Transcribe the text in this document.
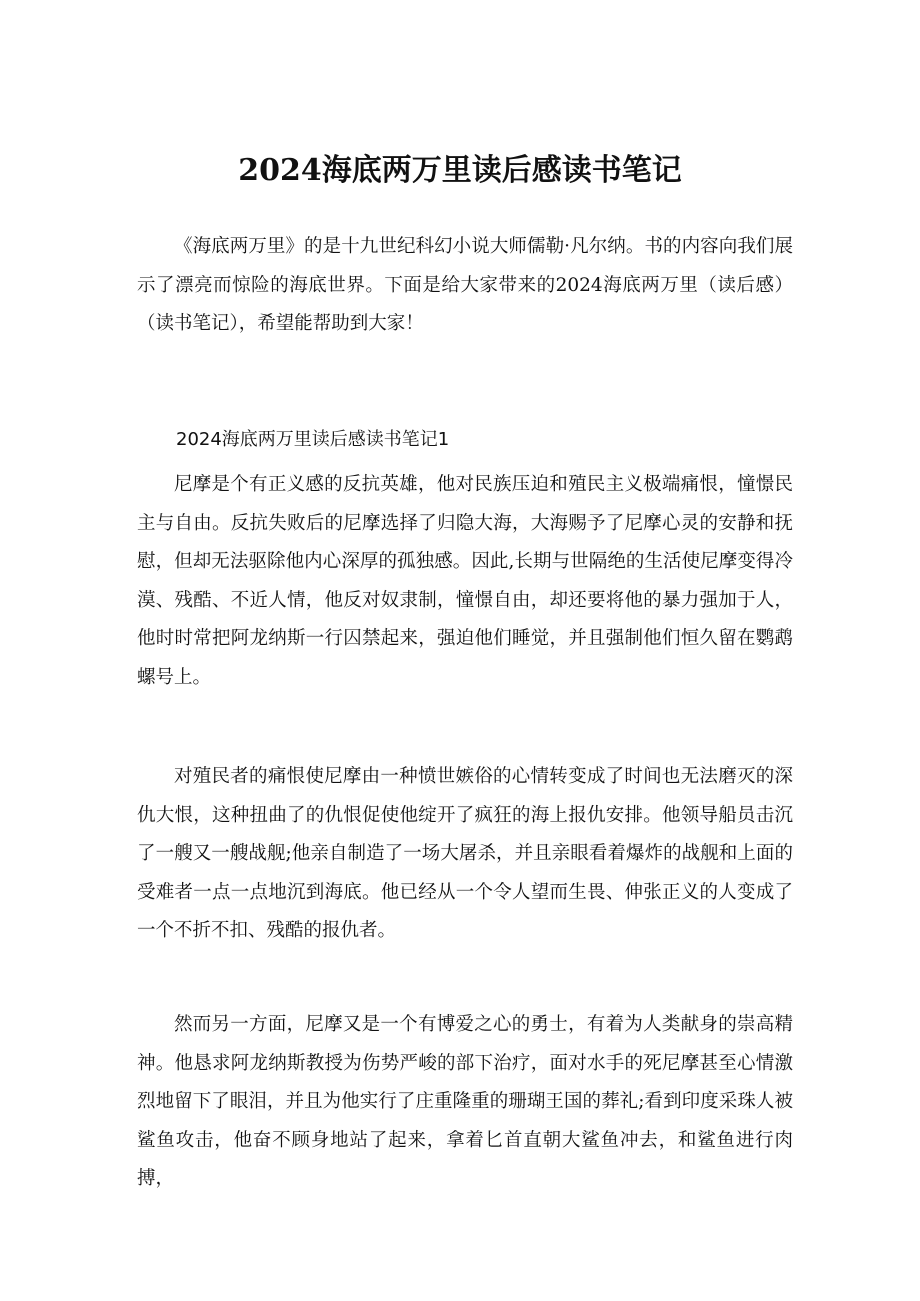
2024海底两万里读后感读书笔记

《海底两万里》的是十九世纪科幻小说大师儒勒·凡尔纳。书的内容向我们展示了漂亮而惊险的海底世界。下面是给大家带来的2024海底两万里（读后感）（读书笔记），希望能帮助到大家！

2024海底两万里读后感读书笔记1

尼摩是个有正义感的反抗英雄，他对民族压迫和殖民主义极端痛恨，憧憬民主与自由。反抗失败后的尼摩选择了归隐大海，大海赐予了尼摩心灵的安静和抚慰，但却无法驱除他内心深厚的孤独感。因此,长期与世隔绝的生活使尼摩变得冷漠、残酷、不近人情，他反对奴隶制，憧憬自由，却还要将他的暴力强加于人，他时时常把阿龙纳斯一行囚禁起来，强迫他们睡觉，并且强制他们恒久留在鹦鹉螺号上。

对殖民者的痛恨使尼摩由一种愤世嫉俗的心情转变成了时间也无法磨灭的深仇大恨，这种扭曲了的仇恨促使他绽开了疯狂的海上报仇安排。他领导船员击沉了一艘又一艘战舰;他亲自制造了一场大屠杀，并且亲眼看着爆炸的战舰和上面的受难者一点一点地沉到海底。他已经从一个令人望而生畏、伸张正义的人变成了一个不折不扣、残酷的报仇者。

然而另一方面，尼摩又是一个有博爱之心的勇士，有着为人类献身的崇高精神。他恳求阿龙纳斯教授为伤势严峻的部下治疗，面对水手的死尼摩甚至心情激烈地留下了眼泪，并且为他实行了庄重隆重的珊瑚王国的葬礼;看到印度采珠人被鲨鱼攻击，他奋不顾身地站了起来，拿着匕首直朝大鲨鱼冲去，和鲨鱼进行肉搏，
